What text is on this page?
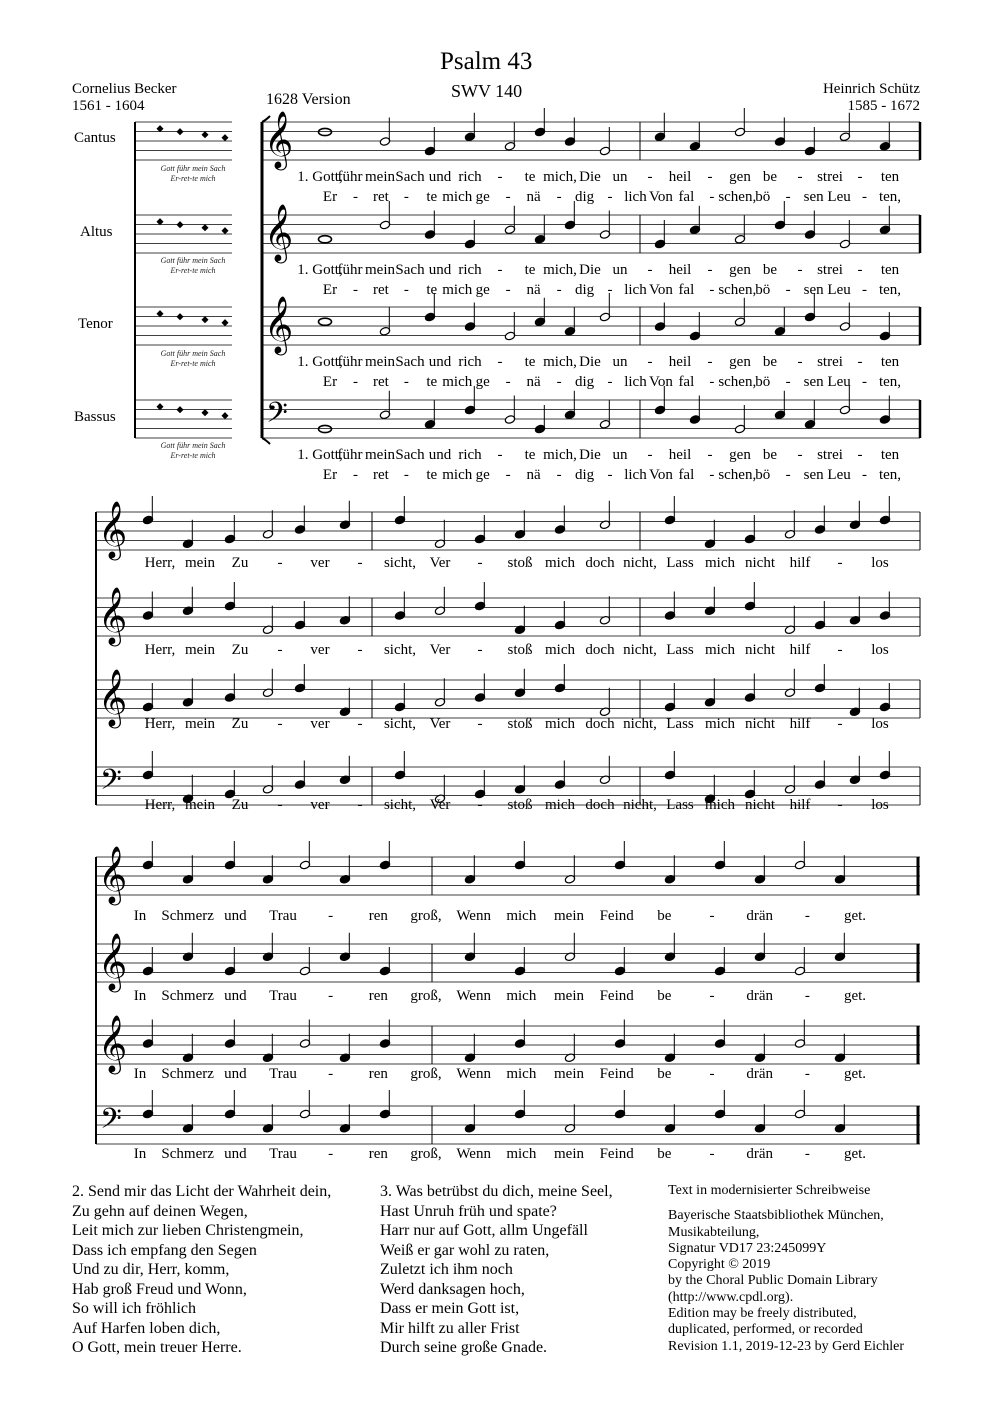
Psalm 43
SWV 140
1628 Version
Cornelius Becker
1561 - 1604
Heinrich Schütz
1585 - 1672
Cantus
Altus
Tenor
Bassus
Gott führ mein Sach
Er-ret-te mich
Gott führ mein Sach
Er-ret-te mich
Gott führ mein Sach
Er-ret-te mich
Gott führ mein Sach
Er-ret-te mich
𝄞
𝄞
𝄞
𝄢
𝄞
𝄞
𝄞
𝄢
𝄞
𝄞
𝄞
𝄢
1. Gott,
führ mein Sach und rich - te mich, Die un - heil - gen be - strei - ten
Er - ret - te mich ge - nä - dig - lich Von fal - schen, bö - sen Leu - ten,
1. Gott,
führ mein Sach und rich - te mich, Die un - heil - gen be - strei - ten
Er - ret - te mich ge - nä - dig - lich Von fal - schen, bö - sen Leu - ten,
1. Gott,
führ mein Sach und rich - te mich, Die un - heil - gen be - strei - ten
Er - ret - te mich ge - nä - dig - lich Von fal - schen, bö - sen Leu - ten,
1. Gott,
führ mein Sach und rich - te mich, Die un - heil - gen be - strei - ten
Er - ret - te mich ge - nä - dig - lich Von fal - schen, bö - sen Leu - ten,
Herr, mein Zu - ver - sicht, Ver - stoß mich doch nicht, Lass mich nicht hilf - los
Herr, mein Zu - ver - sicht, Ver - stoß mich doch nicht, Lass mich nicht hilf - los
Herr, mein Zu - ver - sicht, Ver - stoß mich doch nicht, Lass mich nicht hilf - los
Herr, mein Zu - ver - sicht, Ver - stoß mich doch nicht, Lass mich nicht hilf - los
In Schmerz und Trau - ren groß, Wenn mich mein Feind be	- drän - get.
In Schmerz und Trau - ren groß, Wenn mich mein Feind be	- drän - get.
In Schmerz und Trau - ren groß, Wenn mich mein Feind be	- drän - get.
In Schmerz und Trau - ren groß, Wenn mich mein Feind be	- drän - get.
2. Send mir das Licht der Wahrheit dein,
Zu gehn auf deinen Wegen,
Leit mich zur lieben Christengmein,
Dass ich empfang den Segen
Und zu dir, Herr, komm,
Hab groß Freud und Wonn,
So will ich fröhlich
Auf Harfen loben dich,
O Gott, mein treuer Herre.
3. Was betrübst du dich, meine Seel,
Hast Unruh früh und spate?
Harr nur auf Gott, allm Ungefäll
Weiß er gar wohl zu raten,
Zuletzt ich ihm noch
Werd danksagen hoch,
Dass er mein Gott ist,
Mir hilft zu aller Frist
Durch seine große Gnade.
Text in modernisierter Schreibweise
Bayerische Staatsbibliothek München,
Musikabteilung,
Signatur VD17 23:245099Y
Copyright © 2019
by the Choral Public Domain Library
(http://www.cpdl.org).
Edition may be freely distributed,
duplicated, performed, or recorded
Revision 1.1, 2019-12-23 by Gerd Eichler
